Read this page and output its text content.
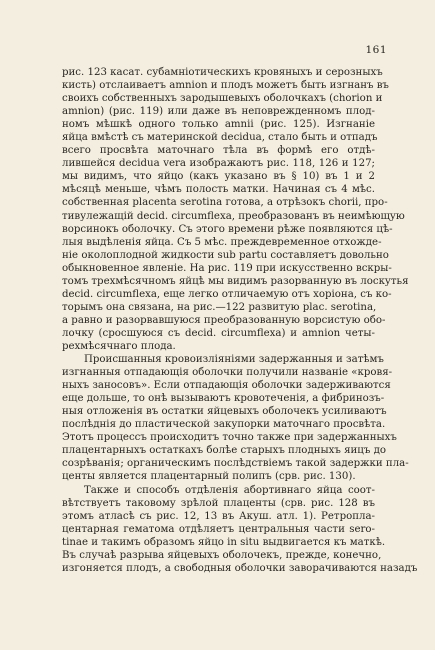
161
рис. 123 касат. субамніотическихъ кровяныхъ и серозныхъ
кисть) отслаиваетъ amnion и плодъ можетъ быть изгнанъ въ
своихъ собственныхъ зародышевыхъ оболочкахъ (chorion и
amnion) (рис. 119) или даже въ неповрежденномъ плод-
номъ мѣшкѣ одного только amnii (рис. 125). Изгнаніе
яйца вмѣстѣ съ материнской decidua, стало быть и отпадъ
всего просвѣта маточнаго тѣла въ формѣ его отдѣ-
лившейся decidua vera изображаютъ рис. 118, 126 и 127;
мы видимъ, что яйцо (какъ указано въ § 10) въ 1 и 2
мѣсяцѣ меньше, чѣмъ полость матки. Начиная съ 4 мѣс.
собственная placenta serotina готова, а отрѣзокъ chorii, про-
тивулежащій decid. circumflexa, преобразованъ въ неимѣющую
ворсинокъ оболочку. Съ этого времени рѣже появляются цѣ-
лыя выдѣленія яйца. Съ 5 мѣс. преждевременное отхожде-
ніе околоплодной жидкости sub partu составляетъ довольно
обыкновенное явленіе. На рис. 119 при искусственно вскры-
томъ трехмѣсячномъ яйцѣ мы видимъ разорванную въ лоскутья
decid. circumflexa, еще легко отличаемую отъ хоріона, съ ко-
торымъ она связана, на рис.—122 развитую plac. serotina,
а равно и разорвавшуюся преобразованную ворсистую обо-
лочку (сросшуюся съ decid. circumflexa) и amnion четы-
рехмѣсячнаго плода.
Происшанныя кровоизліяніями задержанныя и затѣмъ
изгнанныя отпадающія оболочки получили названіе «кровя-
ныхъ заносовъ». Если отпадающія оболочки задерживаются
еще дольше, то онѣ вызываютъ кровотеченія, а фибринозъ-
ныя отложенія въ остатки яйцевыхъ оболочекъ усиливаютъ
послѣднія до пластической закупорки маточнаго просвѣта.
Этотъ процессъ происходитъ точно также при задержанныхъ
плацентарныхъ остаткахъ болѣе старыхъ плодныхъ яицъ до
созрѣванія; органическимъ послѣдствіемъ такой задержки пла-
центы является плацентарный полипъ (срв. рис. 130).
Также и способъ отдѣленія абортивнаго яйца соот-
вѣтствуетъ таковому зрѣлой плаценты (срв. рис. 128 въ
этомъ атласѣ съ рис. 12, 13 въ Акуш. атл. 1). Ретропла-
центарная гематома отдѣляетъ центральныя части sero-
tinae и такимъ образомъ яйцо in situ выдвигается къ маткѣ.
Въ случаѣ разрыва яйцевыхъ оболочекъ, прежде, конечно,
изгоняется плодъ, а свободныя оболочки заворачиваются назадъ
